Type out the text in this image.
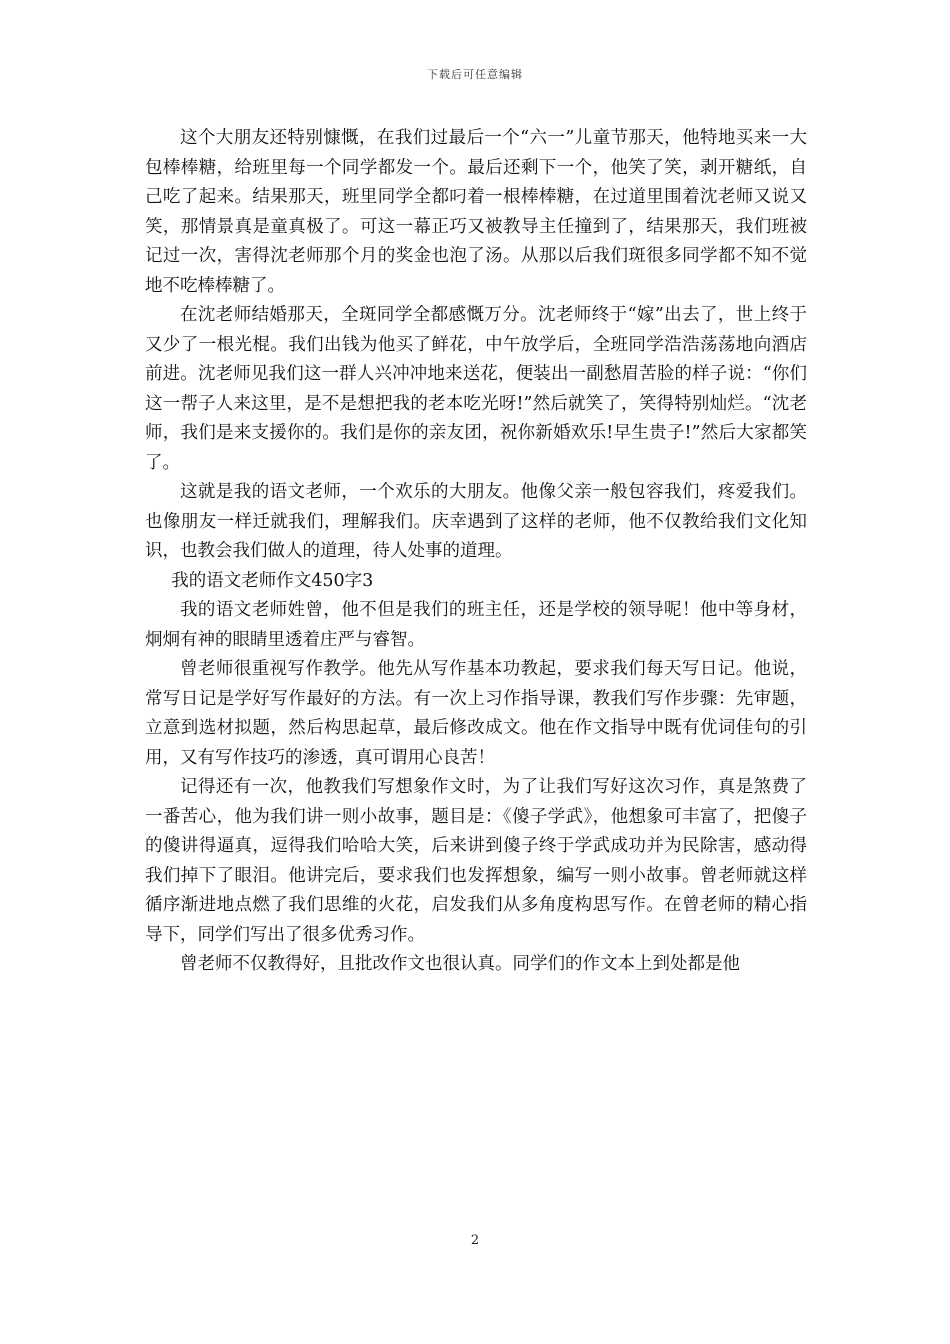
下载后可任意编辑

这个大朋友还特别慷慨，在我们过最后一个“六一”儿童节那天，他特地买来一大包棒棒糖，给班里每一个同学都发一个。最后还剩下一个，他笑了笑，剥开糖纸，自己吃了起来。结果那天，班里同学全都叼着一根棒棒糖，在过道里围着沈老师又说又笑，那情景真是童真极了。可这一幕正巧又被教导主任撞到了，结果那天，我们班被记过一次，害得沈老师那个月的奖金也泡了汤。从那以后我们斑很多同学都不知不觉地不吃棒棒糖了。

在沈老师结婚那天，全斑同学全都感慨万分。沈老师终于“嫁”出去了，世上终于又少了一根光棍。我们出钱为他买了鲜花，中午放学后，全班同学浩浩荡荡地向酒店前进。沈老师见我们这一群人兴冲冲地来送花，便装出一副愁眉苦脸的样子说：“你们这一帮子人来这里，是不是想把我的老本吃光呀!”然后就笑了，笑得特别灿烂。“沈老师，我们是来支援你的。我们是你的亲友团，祝你新婚欢乐!早生贵子!”然后大家都笑了。

这就是我的语文老师，一个欢乐的大朋友。他像父亲一般包容我们，疼爱我们。也像朋友一样迁就我们，理解我们。庆幸遇到了这样的老师，他不仅教给我们文化知识，也教会我们做人的道理，待人处事的道理。

我的语文老师作文450字3

我的语文老师姓曾，他不但是我们的班主任，还是学校的领导呢！他中等身材，炯炯有神的眼睛里透着庄严与睿智。

曾老师很重视写作教学。他先从写作基本功教起，要求我们每天写日记。他说，常写日记是学好写作最好的方法。有一次上习作指导课，教我们写作步骤：先审题，立意到选材拟题，然后构思起草，最后修改成文。他在作文指导中既有优词佳句的引用，又有写作技巧的渗透，真可谓用心良苦！

记得还有一次，他教我们写想象作文时，为了让我们写好这次习作，真是煞费了一番苦心，他为我们讲一则小故事，题目是：《傻子学武》，他想象可丰富了，把傻子的傻讲得逼真，逗得我们哈哈大笑，后来讲到傻子终于学武成功并为民除害，感动得我们掉下了眼泪。他讲完后，要求我们也发挥想象，编写一则小故事。曾老师就这样循序渐进地点燃了我们思维的火花，启发我们从多角度构思写作。在曾老师的精心指导下，同学们写出了很多优秀习作。

曾老师不仅教得好，且批改作文也很认真。同学们的作文本上到处都是他

2
